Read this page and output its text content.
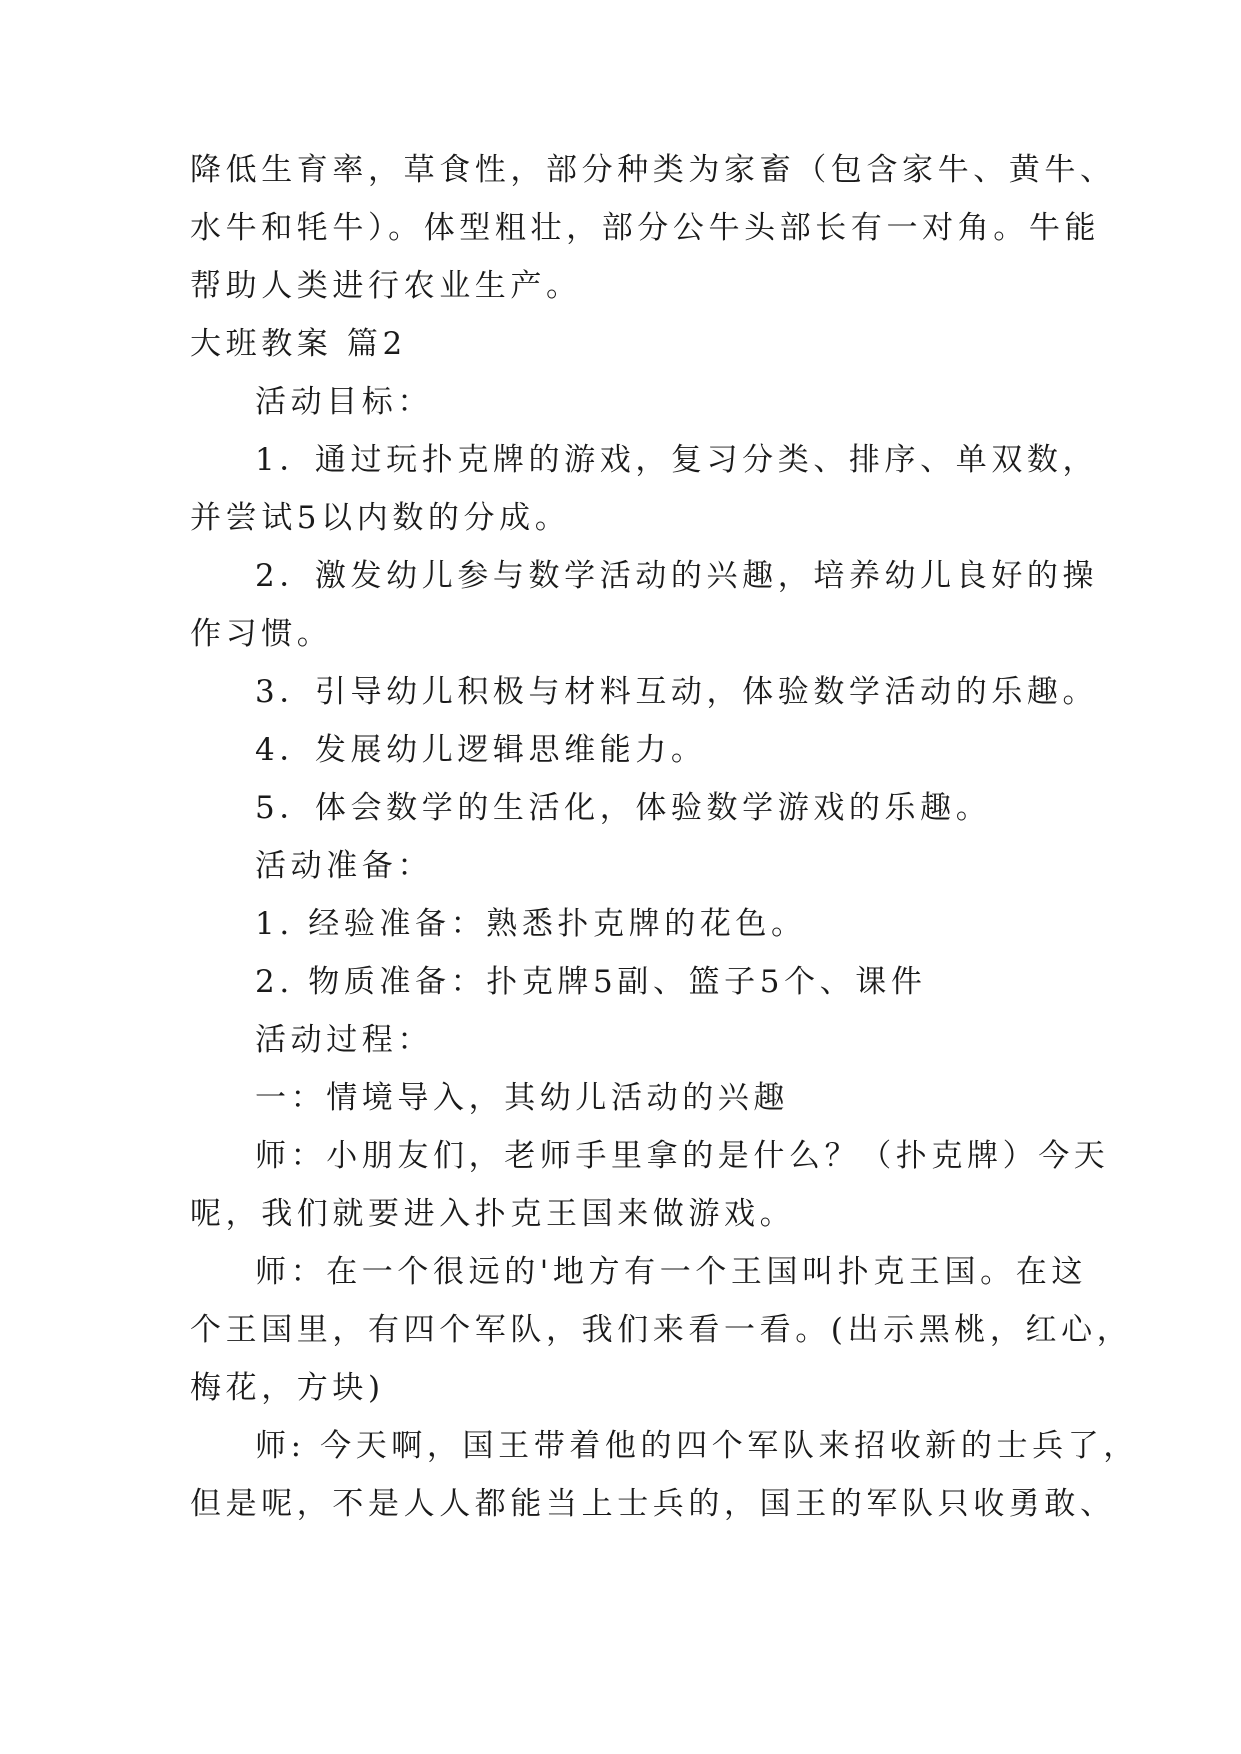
降低生育率，草食性，部分种类为家畜（包含家牛、黄牛、
水牛和牦牛）。体型粗壮，部分公牛头部长有一对角。牛能
帮助人类进行农业生产。
大班教案 篇2
活动目标：
1．通过玩扑克牌的游戏，复习分类、排序、单双数，
并尝试5以内数的分成。
2．激发幼儿参与数学活动的兴趣，培养幼儿良好的操
作习惯。
3．引导幼儿积极与材料互动，体验数学活动的乐趣。
4．发展幼儿逻辑思维能力。
5．体会数学的生活化，体验数学游戏的乐趣。
活动准备：
1. 经验准备：熟悉扑克牌的花色。
2. 物质准备：扑克牌5副、篮子5个、课件
活动过程：
一：情境导入，其幼儿活动的兴趣
师：小朋友们，老师手里拿的是什么？（扑克牌）今天
呢，我们就要进入扑克王国来做游戏。
师：在一个很远的'地方有一个王国叫扑克王国。在这
个王国里，有四个军队，我们来看一看。(出示黑桃，红心，
梅花，方块)
师: 今天啊，国王带着他的四个军队来招收新的士兵了，
但是呢，不是人人都能当上士兵的，国王的军队只收勇敢、
